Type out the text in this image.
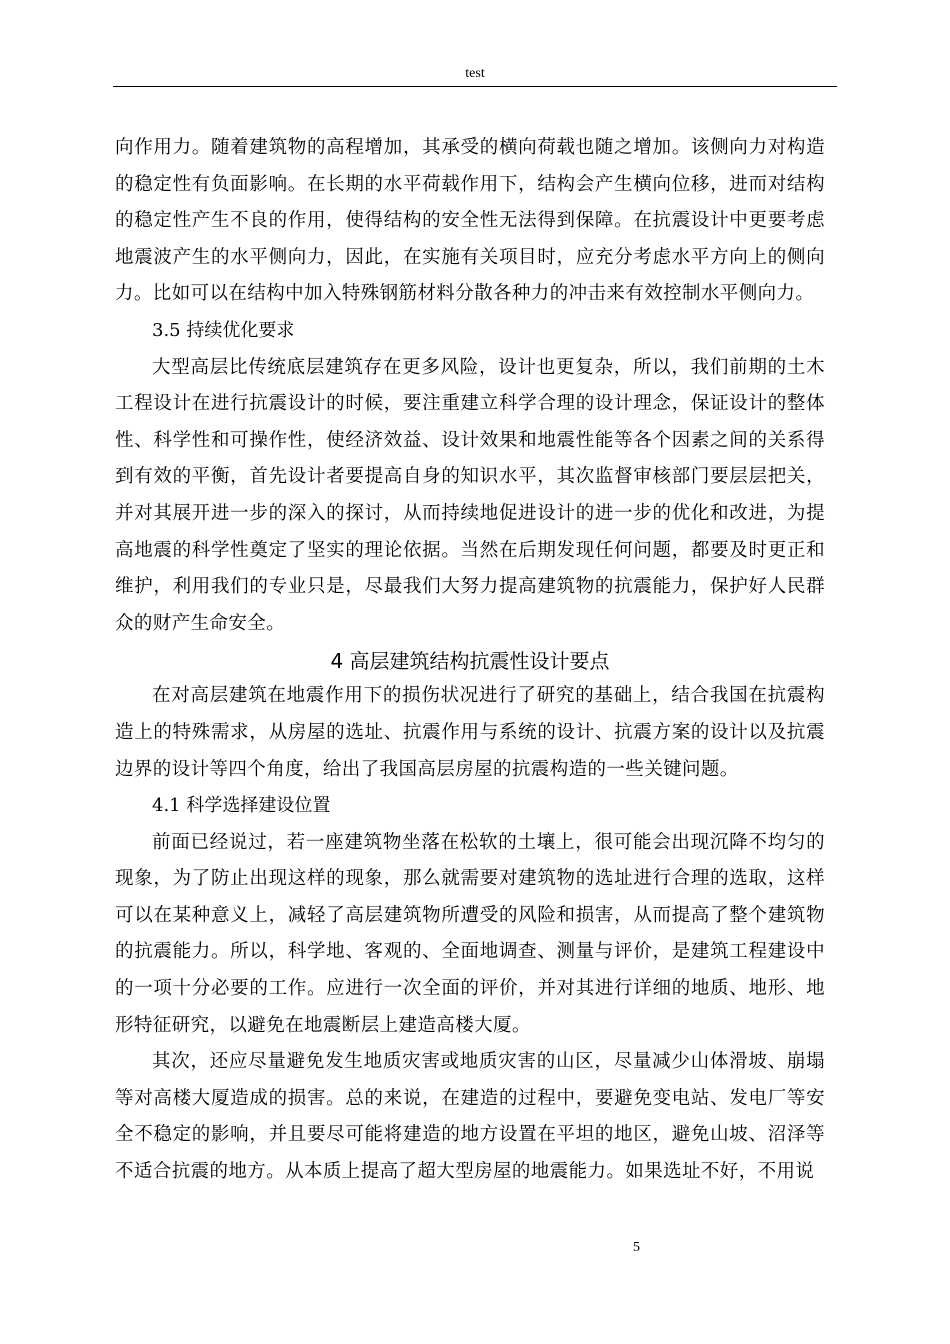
test

向作用力。随着建筑物的高程增加，其承受的横向荷载也随之增加。该侧向力对构造的稳定性有负面影响。在长期的水平荷载作用下，结构会产生横向位移，进而对结构的稳定性产生不良的作用，使得结构的安全性无法得到保障。在抗震设计中更要考虑地震波产生的水平侧向力，因此，在实施有关项目时，应充分考虑水平方向上的侧向力。比如可以在结构中加入特殊钢筋材料分散各种力的冲击来有效控制水平侧向力。

3.5 持续优化要求

大型高层比传统底层建筑存在更多风险，设计也更复杂，所以，我们前期的土木工程设计在进行抗震设计的时候，要注重建立科学合理的设计理念，保证设计的整体性、科学性和可操作性，使经济效益、设计效果和地震性能等各个因素之间的关系得到有效的平衡，首先设计者要提高自身的知识水平，其次监督审核部门要层层把关，并对其展开进一步的深入的探讨，从而持续地促进设计的进一步的优化和改进，为提高地震的科学性奠定了坚实的理论依据。当然在后期发现任何问题，都要及时更正和维护，利用我们的专业只是，尽最我们大努力提高建筑物的抗震能力，保护好人民群众的财产生命安全。

4 高层建筑结构抗震性设计要点

在对高层建筑在地震作用下的损伤状况进行了研究的基础上，结合我国在抗震构造上的特殊需求，从房屋的选址、抗震作用与系统的设计、抗震方案的设计以及抗震边界的设计等四个角度，给出了我国高层房屋的抗震构造的一些关键问题。

4.1 科学选择建设位置

前面已经说过，若一座建筑物坐落在松软的土壤上，很可能会出现沉降不均匀的现象，为了防止出现这样的现象，那么就需要对建筑物的选址进行合理的选取，这样可以在某种意义上，减轻了高层建筑物所遭受的风险和损害，从而提高了整个建筑物的抗震能力。所以，科学地、客观的、全面地调查、测量与评价，是建筑工程建设中的一项十分必要的工作。应进行一次全面的评价，并对其进行详细的地质、地形、地形特征研究，以避免在地震断层上建造高楼大厦。

其次，还应尽量避免发生地质灾害或地质灾害的山区，尽量减少山体滑坡、崩塌等对高楼大厦造成的损害。总的来说，在建造的过程中，要避免变电站、发电厂等安全不稳定的影响，并且要尽可能将建造的地方设置在平坦的地区，避免山坡、沼泽等不适合抗震的地方。从本质上提高了超大型房屋的地震能力。如果选址不好，不用说

5
